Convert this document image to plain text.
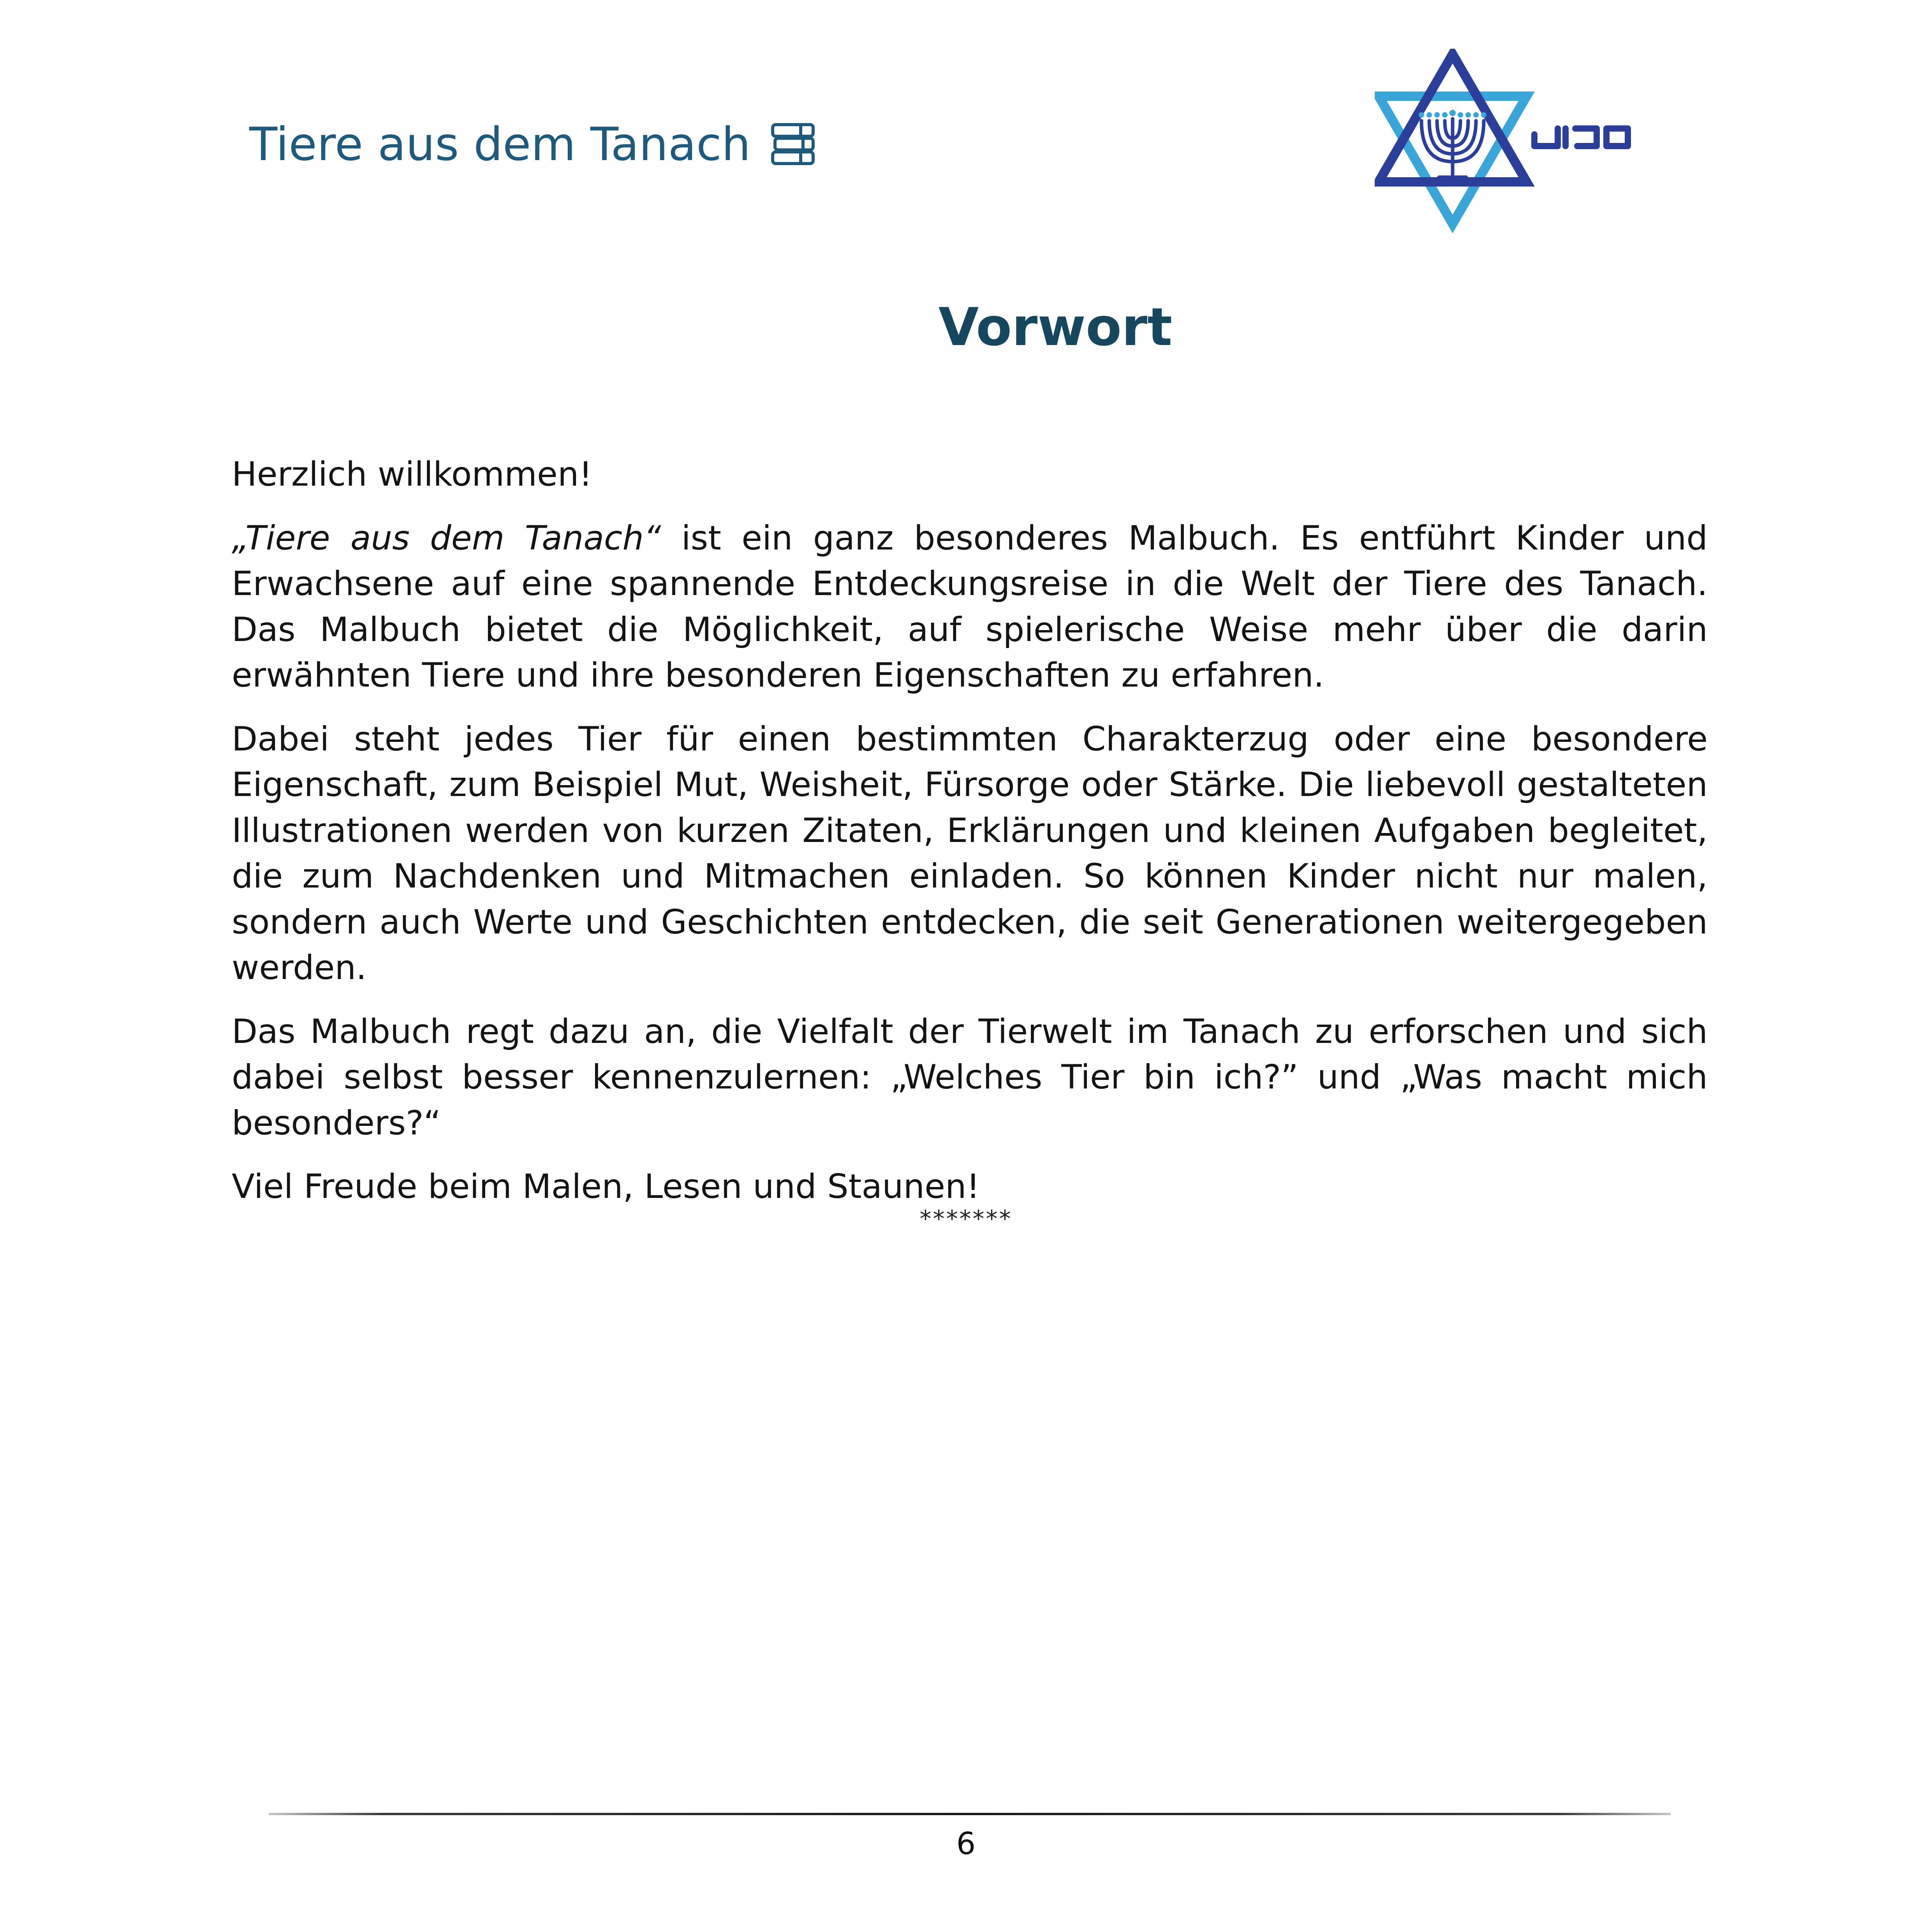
Tiere aus dem Tanach
Vorwort

Herzlich willkommen!

„Tiere aus dem Tanach“ ist ein ganz besonderes Malbuch. Es entführt Kinder und Erwachsene auf eine spannende Entdeckungsreise in die Welt der Tiere des Tanach. Das Malbuch bietet die Möglichkeit, auf spielerische Weise mehr über die darin erwähnten Tiere und ihre besonderen Eigenschaften zu erfahren.

Dabei steht jedes Tier für einen bestimmten Charakterzug oder eine besondere Eigenschaft, zum Beispiel Mut, Weisheit, Fürsorge oder Stärke. Die liebevoll gestalteten Illustrationen werden von kurzen Zitaten, Erklärungen und kleinen Aufgaben begleitet, die zum Nachdenken und Mitmachen einladen. So können Kinder nicht nur malen, sondern auch Werte und Geschichten entdecken, die seit Generationen weitergegeben werden.

Das Malbuch regt dazu an, die Vielfalt der Tierwelt im Tanach zu erforschen und sich dabei selbst besser kennenzulernen: „Welches Tier bin ich?” und „Was macht mich besonders?“

Viel Freude beim Malen, Lesen und Staunen!

*******
6
